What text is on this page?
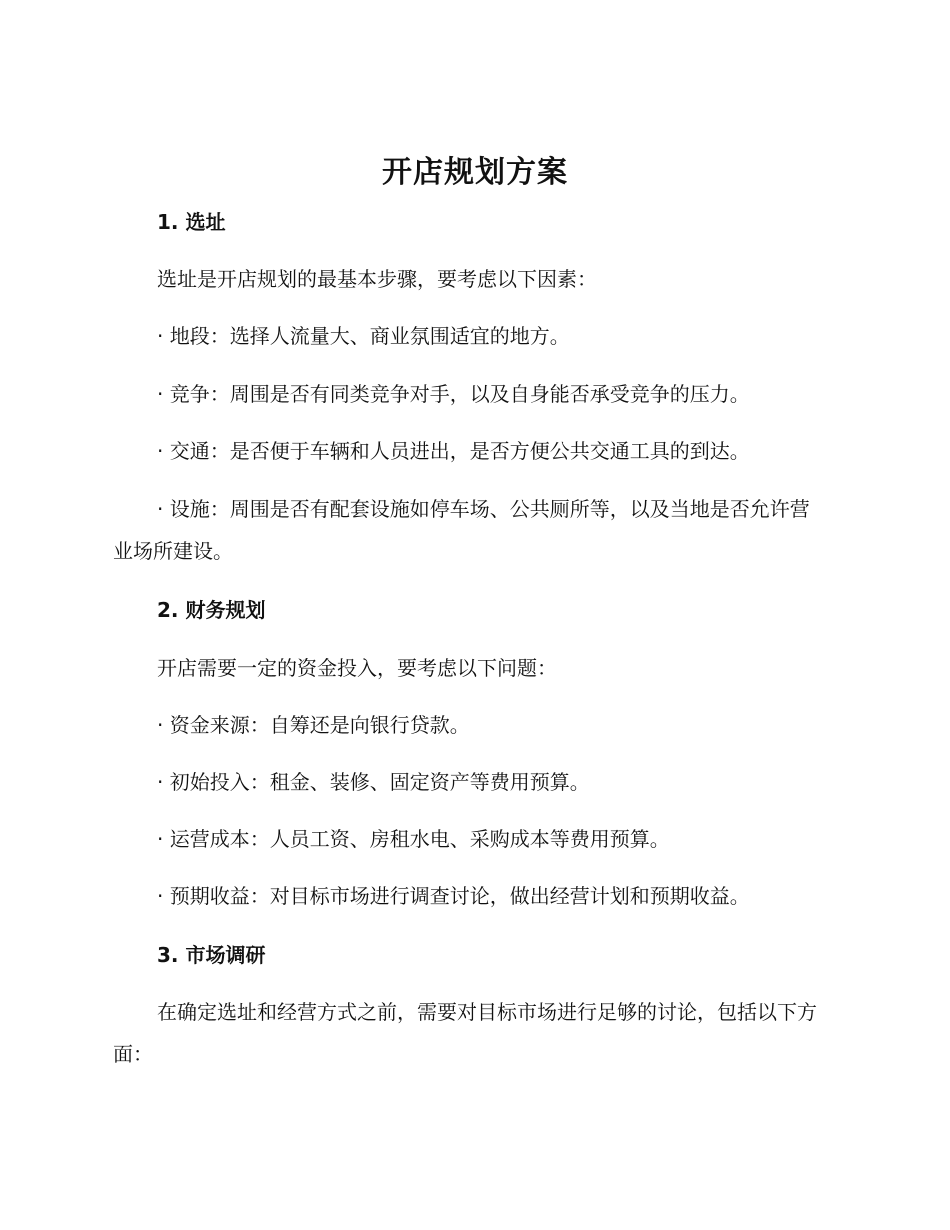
开店规划方案
1. 选址

选址是开店规划的最基本步骤，要考虑以下因素：

· 地段：选择人流量大、商业氛围适宜的地方。

· 竞争：周围是否有同类竞争对手，以及自身能否承受竞争的压力。

· 交通：是否便于车辆和人员进出，是否方便公共交通工具的到达。

· 设施：周围是否有配套设施如停车场、公共厕所等，以及当地是否允许营业场所建设。

2. 财务规划

开店需要一定的资金投入，要考虑以下问题：

· 资金来源：自筹还是向银行贷款。

· 初始投入：租金、装修、固定资产等费用预算。

· 运营成本：人员工资、房租水电、采购成本等费用预算。

· 预期收益：对目标市场进行调查讨论，做出经营计划和预期收益。

3. 市场调研

在确定选址和经营方式之前，需要对目标市场进行足够的讨论，包括以下方面：
